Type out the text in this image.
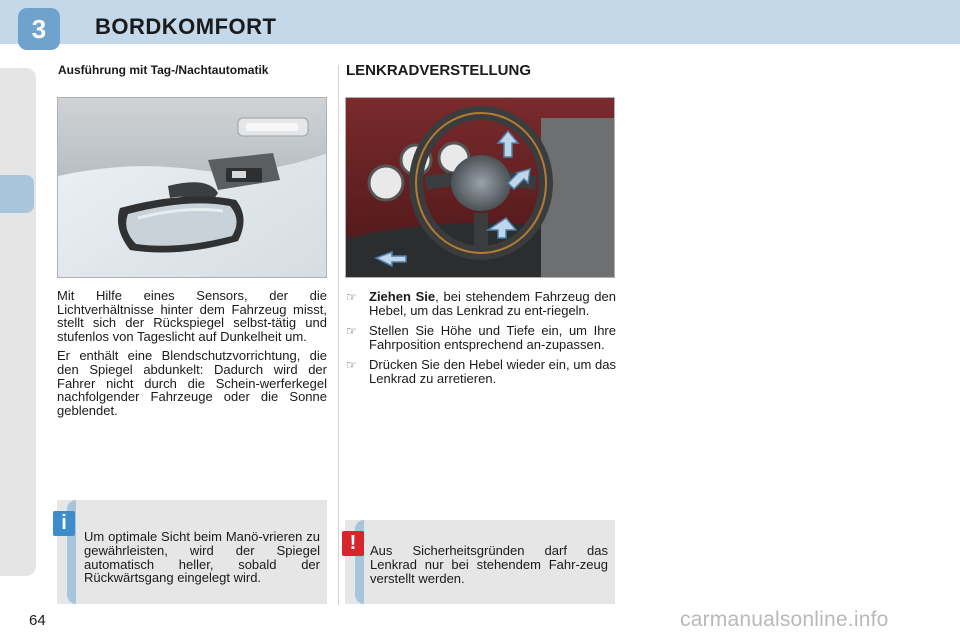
3 BORDKOMFORT
Ausführung mit Tag-/Nachtautomatik

Mit Hilfe eines Sensors, der die Lichtverhältnisse hinter dem Fahrzeug misst, stellt sich der Rückspiegel selbst-tätig und stufenlos von Tageslicht auf Dunkelheit um.

Er enthält eine Blendschutzvorrichtung, die den Spiegel abdunkelt: Dadurch wird der Fahrer nicht durch die Schein-werferkegel nachfolgender Fahrzeuge oder die Sonne geblendet.

Um optimale Sicht beim Manö-vrieren zu gewährleisten, wird der Spiegel automatisch heller, sobald der Rückwärtsgang eingelegt wird.
i
LENKRADVERSTELLUNG
☞ Ziehen Sie, bei stehendem Fahrzeug den Hebel, um das Lenkrad zu ent-riegeln.
☞ Stellen Sie Höhe und Tiefe ein, um Ihre Fahrposition entsprechend an-zupassen.
☞ Drücken Sie den Hebel wieder ein, um das Lenkrad zu arretieren.
Aus Sicherheitsgründen darf das Lenkrad nur bei stehendem Fahr-zeug verstellt werden.
!
64	carmanualsonline.info
